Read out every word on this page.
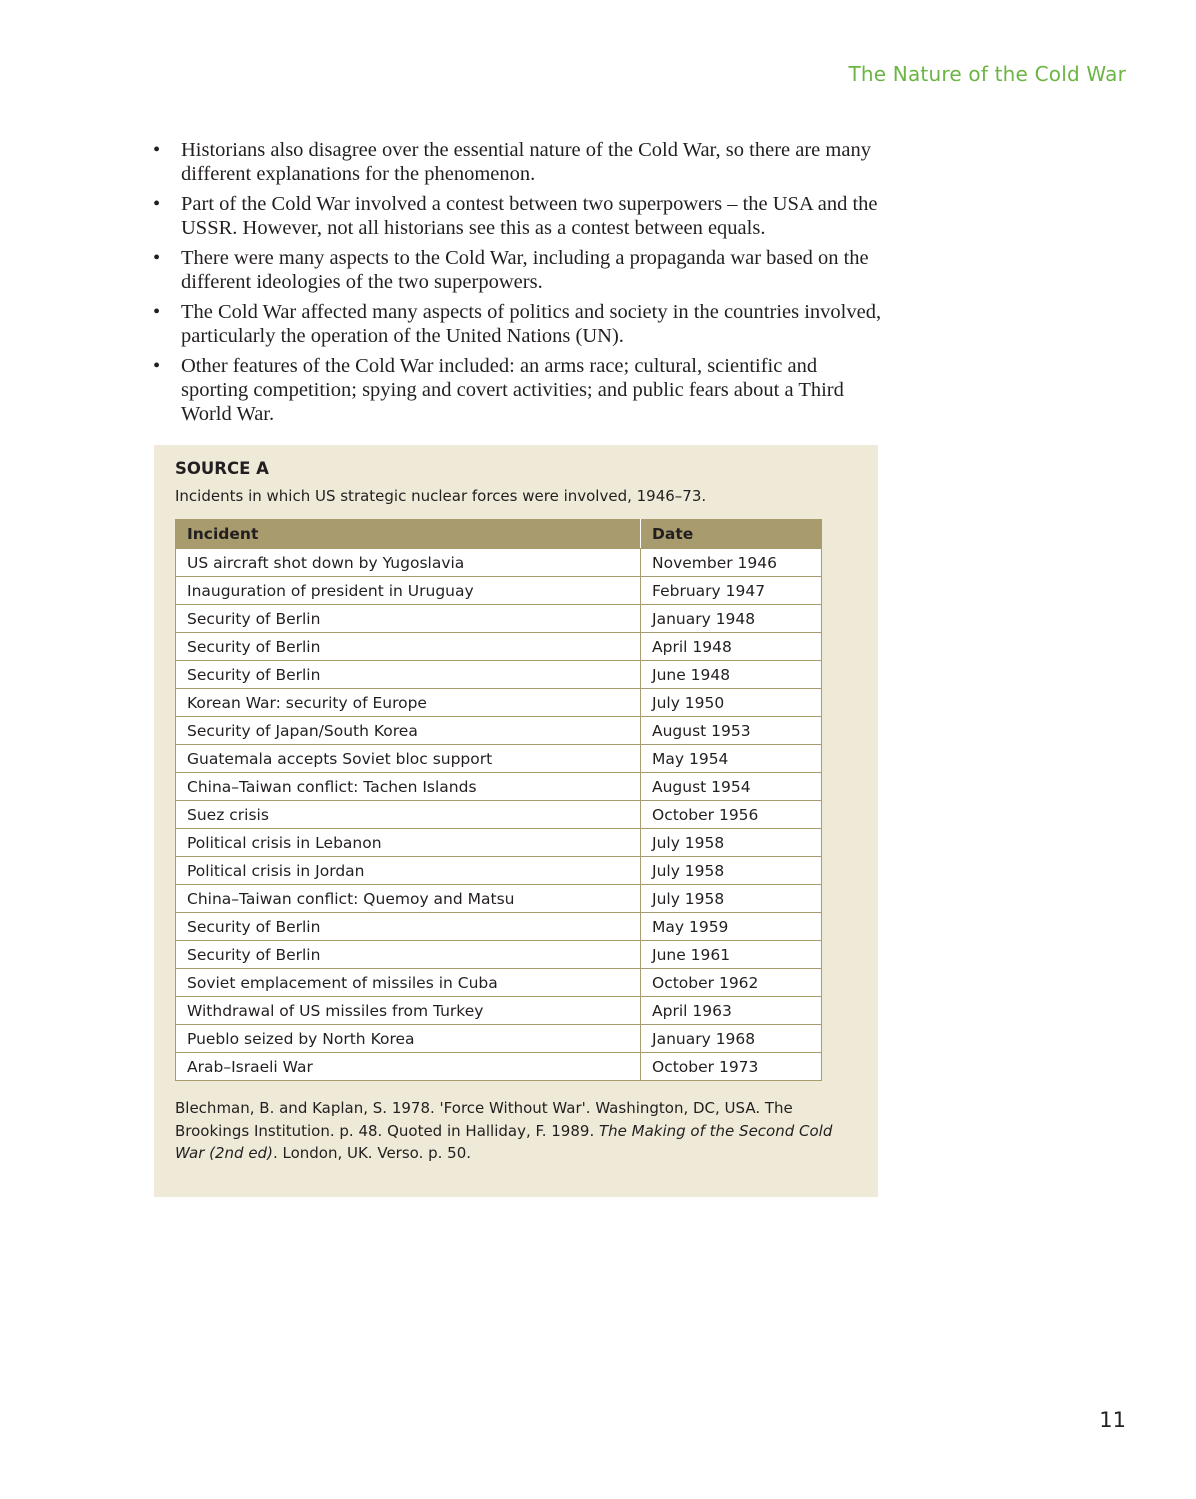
The Nature of the Cold War
• Historians also disagree over the essential nature of the Cold War, so there are many different explanations for the phenomenon.
• Part of the Cold War involved a contest between two superpowers – the USA and the USSR. However, not all historians see this as a contest between equals.
• There were many aspects to the Cold War, including a propaganda war based on the different ideologies of the two superpowers.
• The Cold War affected many aspects of politics and society in the countries involved, particularly the operation of the United Nations (UN).
• Other features of the Cold War included: an arms race; cultural, scientific and sporting competition; spying and covert activities; and public fears about a Third World War.
SOURCE A
Incidents in which US strategic nuclear forces were involved, 1946–73.
Incident	Date
US aircraft shot down by Yugoslavia	November 1946
Inauguration of president in Uruguay	February 1947
Security of Berlin	January 1948
Security of Berlin	April 1948
Security of Berlin	June 1948
Korean War: security of Europe	July 1950
Security of Japan/South Korea	August 1953
Guatemala accepts Soviet bloc support	May 1954
China–Taiwan conflict: Tachen Islands	August 1954
Suez crisis	October 1956
Political crisis in Lebanon	July 1958
Political crisis in Jordan	July 1958
China–Taiwan conflict: Quemoy and Matsu	July 1958
Security of Berlin	May 1959
Security of Berlin	June 1961
Soviet emplacement of missiles in Cuba	October 1962
Withdrawal of US missiles from Turkey	April 1963
Pueblo seized by North Korea	January 1968
Arab–Israeli War	October 1973
Blechman, B. and Kaplan, S. 1978. 'Force Without War'. Washington, DC, USA. The Brookings Institution. p. 48. Quoted in Halliday, F. 1989. The Making of the Second Cold War (2nd ed). London, UK. Verso. p. 50.
11
